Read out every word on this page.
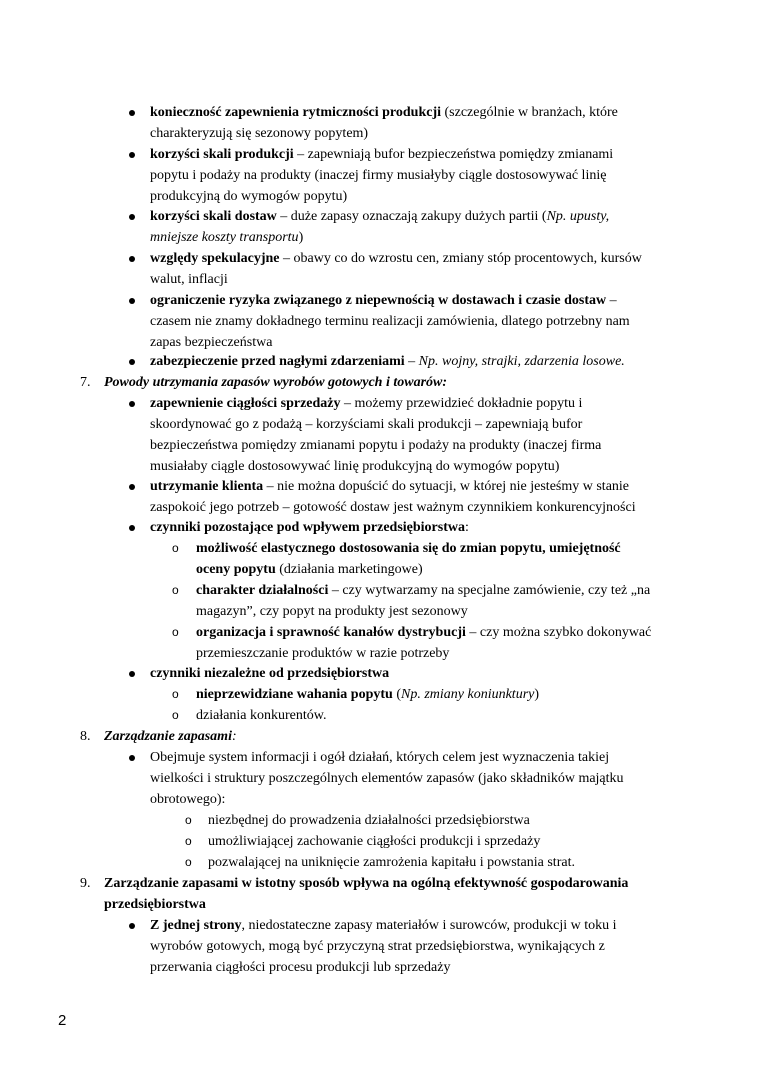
konieczność zapewnienia rytmiczności produkcji (szczególnie w branżach, które
charakteryzują się sezonowy popytem)
korzyści skali produkcji – zapewniają bufor bezpieczeństwa pomiędzy zmianami
popytu i podaży na produkty (inaczej firmy musiałyby ciągle dostosowywać linię
produkcyjną do wymogów popytu)
korzyści skali dostaw – duże zapasy oznaczają zakupy dużych partii (Np. upusty,
mniejsze koszty transportu)
względy spekulacyjne – obawy co do wzrostu cen, zmiany stóp procentowych, kursów
walut, inflacji
ograniczenie ryzyka związanego z niepewnością w dostawach i czasie dostaw –
czasem nie znamy dokładnego terminu realizacji zamówienia, dlatego potrzebny nam
zapas bezpieczeństwa
zabezpieczenie przed nagłymi zdarzeniami – Np. wojny, strajki, zdarzenia losowe.
7. Powody utrzymania zapasów wyrobów gotowych i towarów:
zapewnienie ciągłości sprzedaży – możemy przewidzieć dokładnie popytu i
skoordynować go z podażą – korzyściami skali produkcji – zapewniają bufor
bezpieczeństwa pomiędzy zmianami popytu i podaży na produkty (inaczej firma
musiałaby ciągle dostosowywać linię produkcyjną do wymogów popytu)
utrzymanie klienta – nie można dopuścić do sytuacji, w której nie jesteśmy w stanie
zaspokoić jego potrzeb – gotowość dostaw jest ważnym czynnikiem konkurencyjności
czynniki pozostające pod wpływem przedsiębiorstwa:
o możliwość elastycznego dostosowania się do zmian popytu, umiejętność
oceny popytu (działania marketingowe)
o charakter działalności – czy wytwarzamy na specjalne zamówienie, czy też „na
magazyn”, czy popyt na produkty jest sezonowy
o organizacja i sprawność kanałów dystrybucji – czy można szybko dokonywać
przemieszczanie produktów w razie potrzeby
czynniki niezależne od przedsiębiorstwa
o nieprzewidziane wahania popytu (Np. zmiany koniunktury)
o działania konkurentów.
8. Zarządzanie zapasami:
Obejmuje system informacji i ogół działań, których celem jest wyznaczenia takiej
wielkości i struktury poszczególnych elementów zapasów (jako składników majątku
obrotowego):
o niezbędnej do prowadzenia działalności przedsiębiorstwa
o umożliwiającej zachowanie ciągłości produkcji i sprzedaży
o pozwalającej na uniknięcie zamrożenia kapitału i powstania strat.
9. Zarządzanie zapasami w istotny sposób wpływa na ogólną efektywność gospodarowania
przedsiębiorstwa
Z jednej strony, niedostateczne zapasy materiałów i surowców, produkcji w toku i
wyrobów gotowych, mogą być przyczyną strat przedsiębiorstwa, wynikających z
przerwania ciągłości procesu produkcji lub sprzedaży
2
